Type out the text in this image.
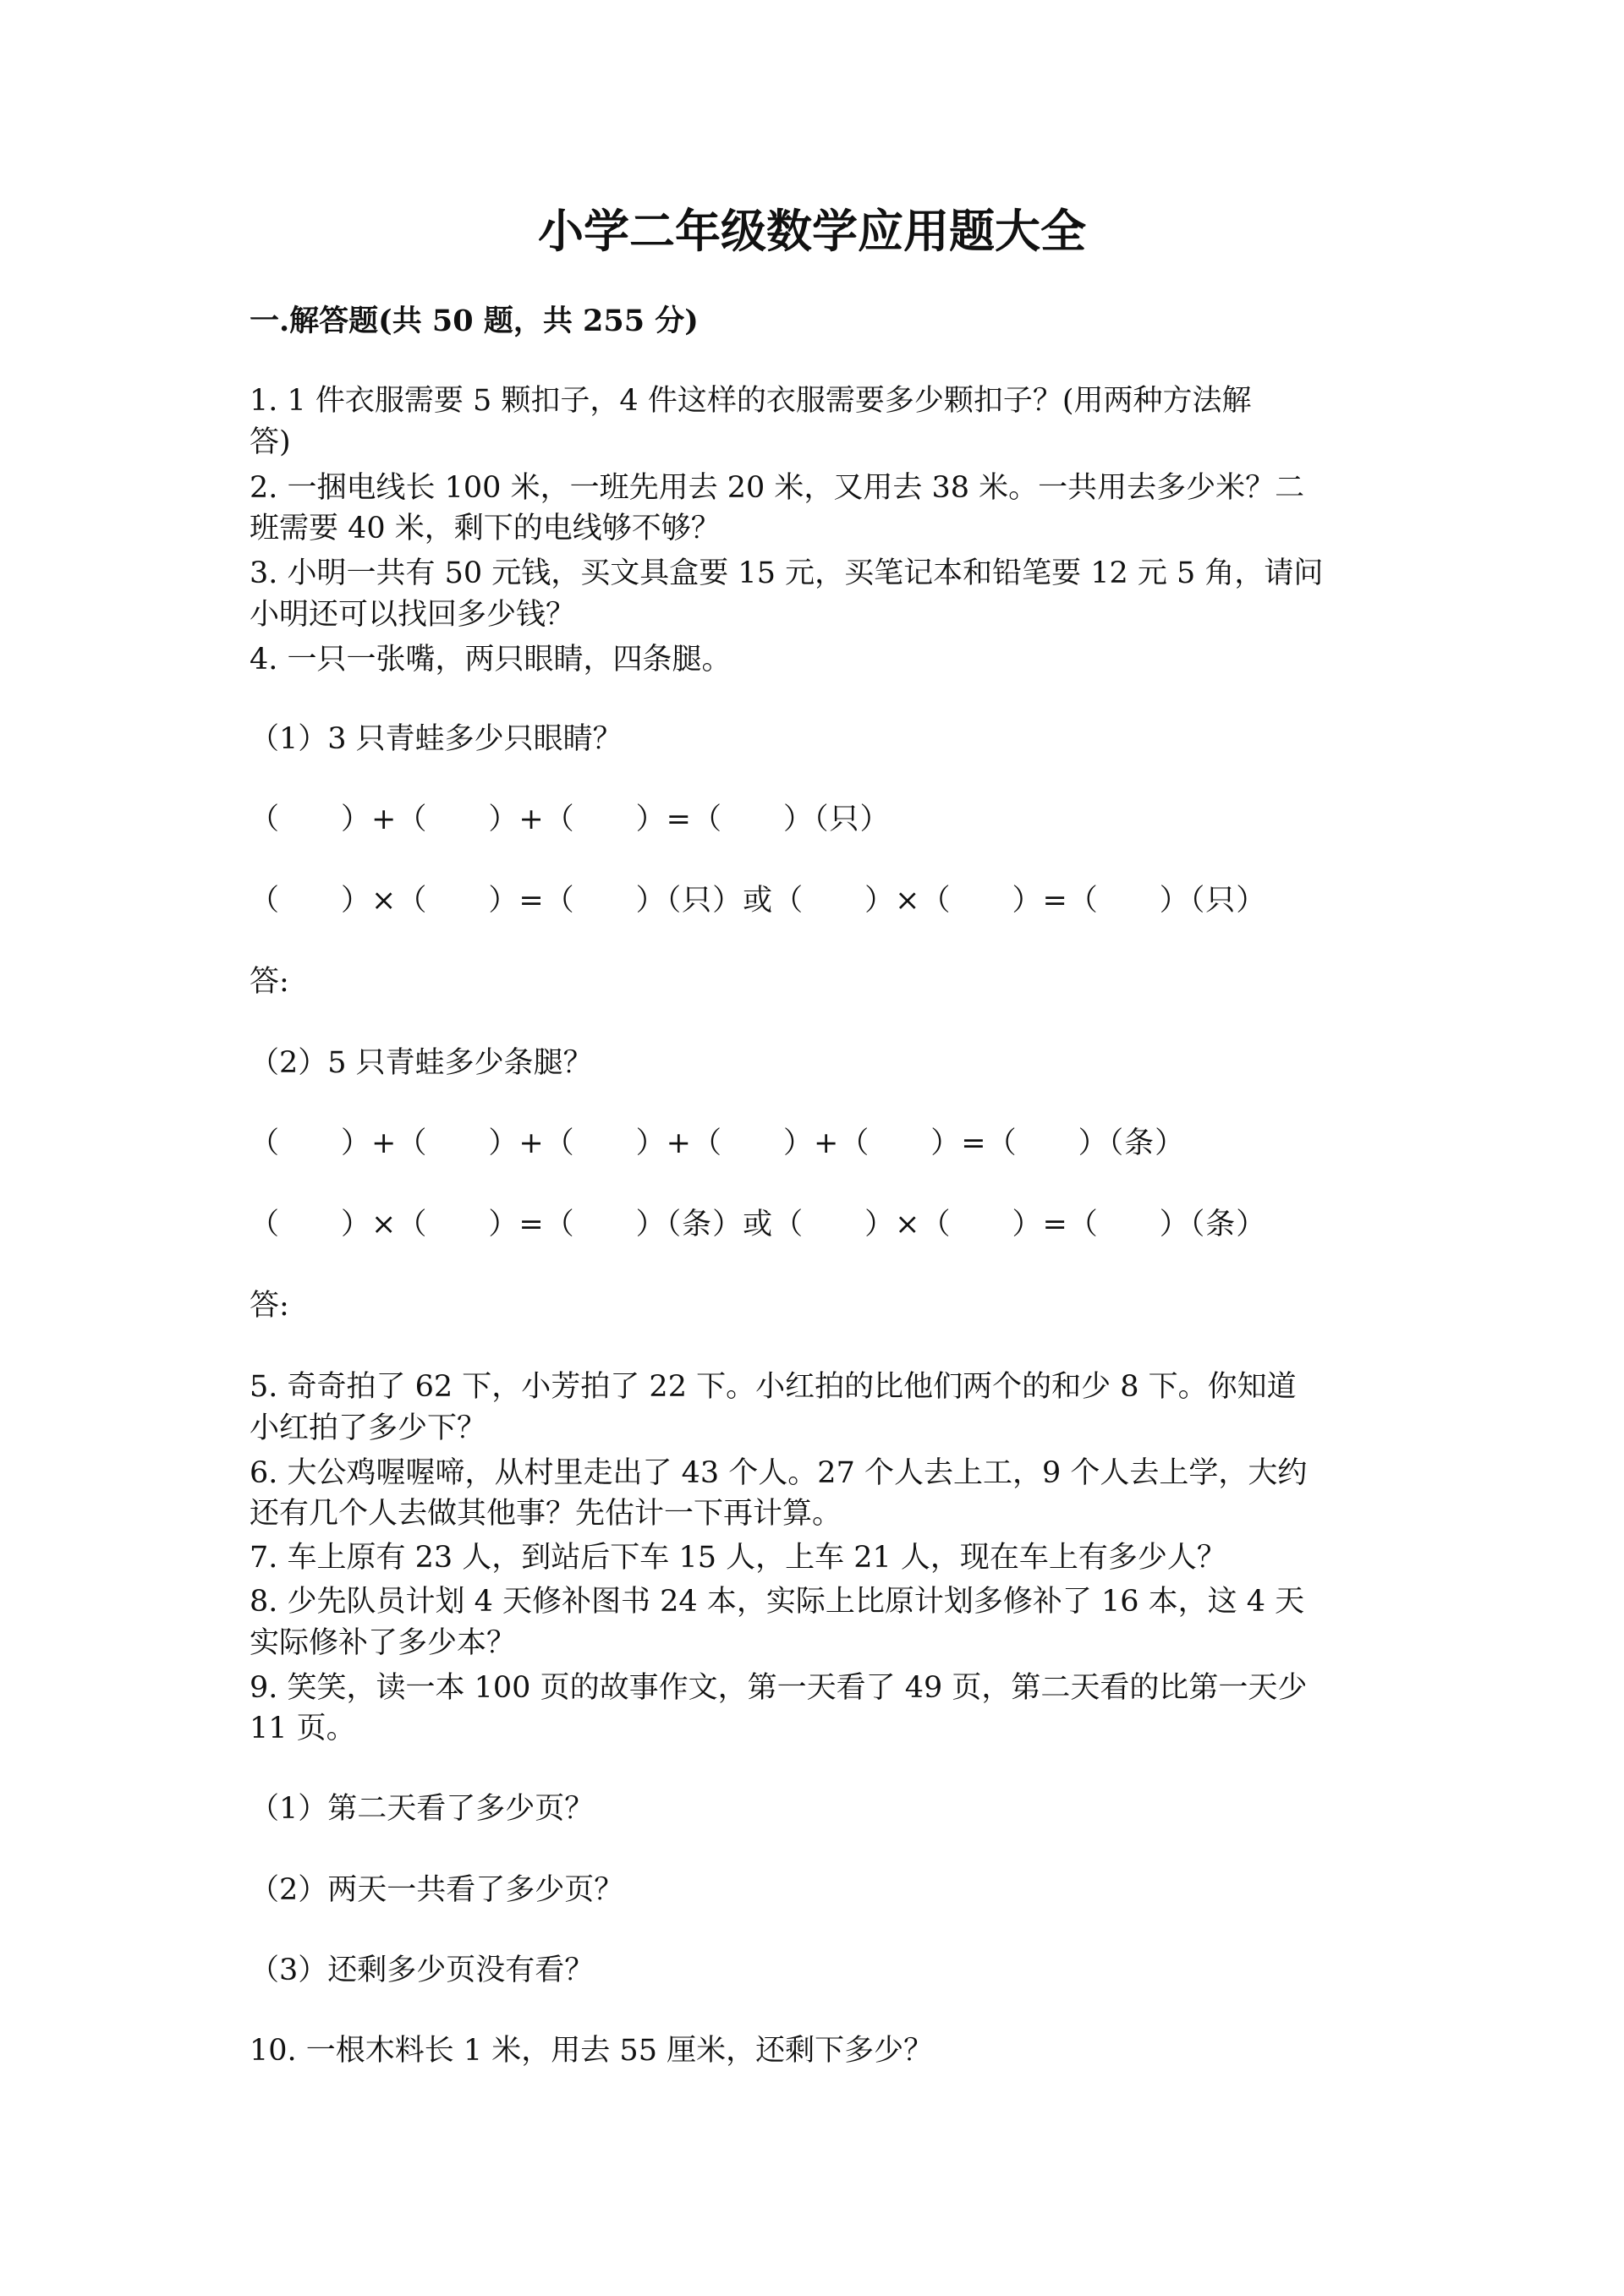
小学二年级数学应用题大全
一.解答题(共 50 题，共 255 分)
1. 1 件衣服需要 5 颗扣子，4 件这样的衣服需要多少颗扣子？(用两种方法解
答)
2. 一捆电线长 100 米，一班先用去 20 米，又用去 38 米。一共用去多少米？二
班需要 40 米，剩下的电线够不够？
3. 小明一共有 50 元钱，买文具盒要 15 元，买笔记本和铅笔要 12 元 5 角，请问
小明还可以找回多少钱？
4. 一只一张嘴，两只眼睛，四条腿。
（1）3 只青蛙多少只眼睛？
（　　）+（　　）+（　　）=（　　）（只）
（　　）×（　　）=（　　）（只）或（　　）×（　　）=（　　）（只）
答:
（2）5 只青蛙多少条腿？
（　　）+（　　）+（　　）+（　　）+（　　）=（　　）（条）
（　　）×（　　）=（　　）（条）或（　　）×（　　）=（　　）（条）
答:
5. 奇奇拍了 62 下，小芳拍了 22 下。小红拍的比他们两个的和少 8 下。你知道
小红拍了多少下？
6. 大公鸡喔喔啼，从村里走出了 43 个人。27 个人去上工，9 个人去上学，大约
还有几个人去做其他事？先估计一下再计算。
7. 车上原有 23 人，到站后下车 15 人，上车 21 人，现在车上有多少人？
8. 少先队员计划 4 天修补图书 24 本，实际上比原计划多修补了 16 本，这 4 天
实际修补了多少本？
9. 笑笑，读一本 100 页的故事作文，第一天看了 49 页，第二天看的比第一天少
11 页。
（1）第二天看了多少页？
（2）两天一共看了多少页？
（3）还剩多少页没有看？
10. 一根木料长 1 米，用去 55 厘米，还剩下多少？
